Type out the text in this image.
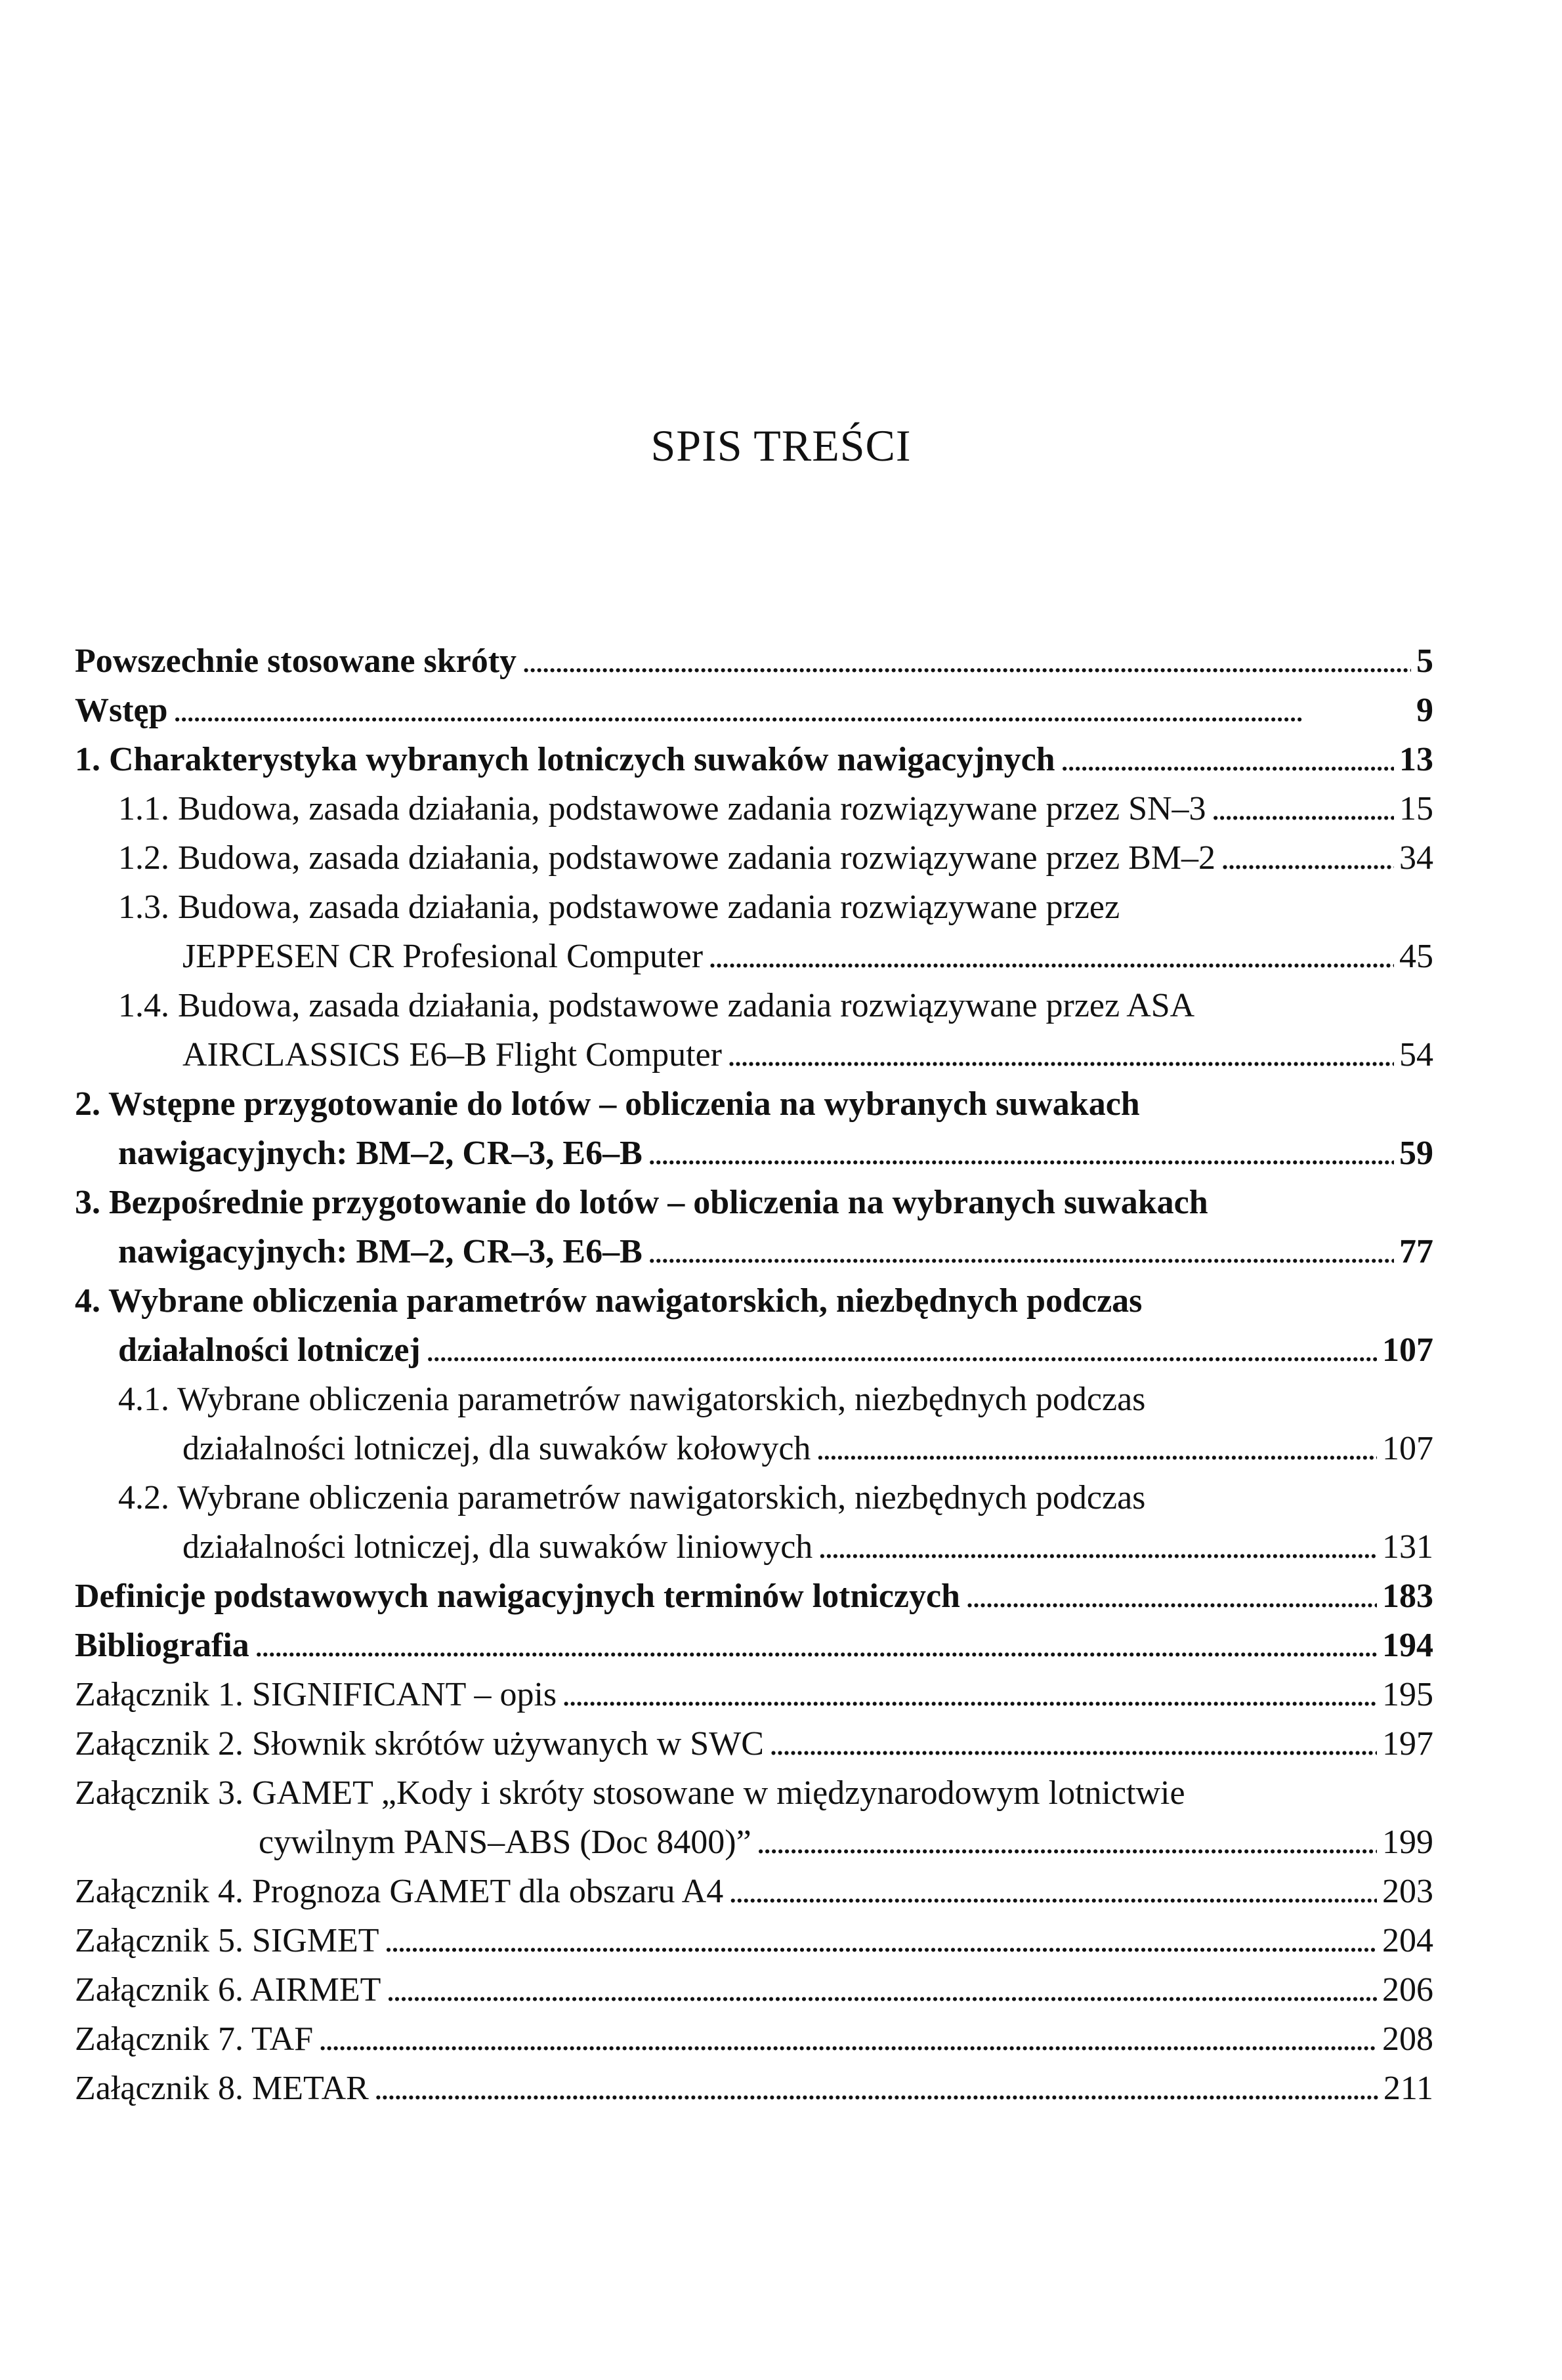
SPIS TREŚCI
Powszechnie stosowane skróty . . .	5
Wstęp . . .	9
1. Charakterystyka wybranych lotniczych suwaków nawigacyjnych . . .	13
1.1. Budowa, zasada działania, podstawowe zadania rozwiązywane przez SN–3 . . .	15
1.2. Budowa, zasada działania, podstawowe zadania rozwiązywane przez BM–2 . . .	34
1.3. Budowa, zasada działania, podstawowe zadania rozwiązywane przez
JEPPESEN CR Profesional Computer . . .	45
1.4. Budowa, zasada działania, podstawowe zadania rozwiązywane przez ASA
AIRCLASSICS E6–B Flight Computer . . .	54
2. Wstępne przygotowanie do lotów – obliczenia na wybranych suwakach
nawigacyjnych: BM–2, CR–3, E6–B . . .	59
3. Bezpośrednie przygotowanie do lotów – obliczenia na wybranych suwakach
nawigacyjnych: BM–2, CR–3, E6–B . . .	77
4. Wybrane obliczenia parametrów nawigatorskich, niezbędnych podczas
działalności lotniczej . . .	107
4.1. Wybrane obliczenia parametrów nawigatorskich, niezbędnych podczas
działalności lotniczej, dla suwaków kołowych . . .	107
4.2. Wybrane obliczenia parametrów nawigatorskich, niezbędnych podczas
działalności lotniczej, dla suwaków liniowych . . .	131
Definicje podstawowych nawigacyjnych terminów lotniczych . . .	183
Bibliografia . . .	194
Załącznik 1. SIGNIFICANT – opis . . .	195
Załącznik 2. Słownik skrótów używanych w SWC . . .	197
Załącznik 3. GAMET „Kody i skróty stosowane w międzynarodowym lotnictwie
cywilnym PANS–ABS (Doc 8400)” . . .	199
Załącznik 4. Prognoza GAMET dla obszaru A4 . . .	203
Załącznik 5. SIGMET . . .	204
Załącznik 6. AIRMET . . .	206
Załącznik 7. TAF . . .	208
Załącznik 8. METAR . . .	211
